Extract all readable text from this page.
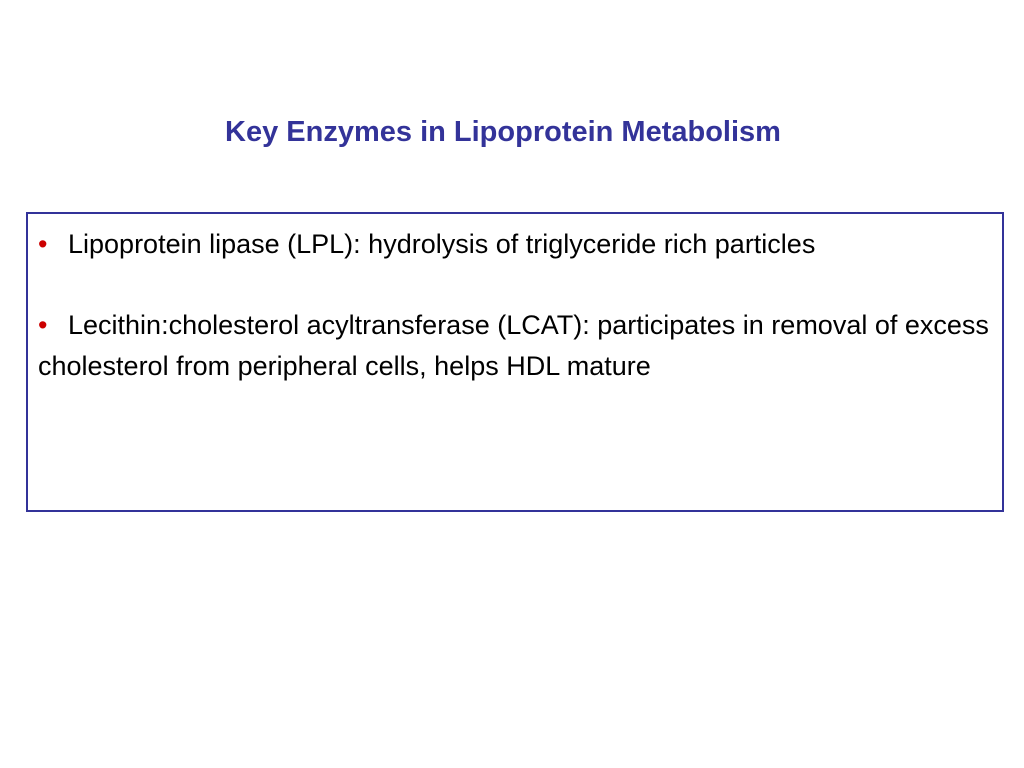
Key Enzymes in Lipoprotein Metabolism

• Lipoprotein lipase (LPL): hydrolysis of triglyceride rich particles

• Lecithin:cholesterol acyltransferase (LCAT): participates in removal of excess cholesterol from peripheral cells, helps HDL mature
